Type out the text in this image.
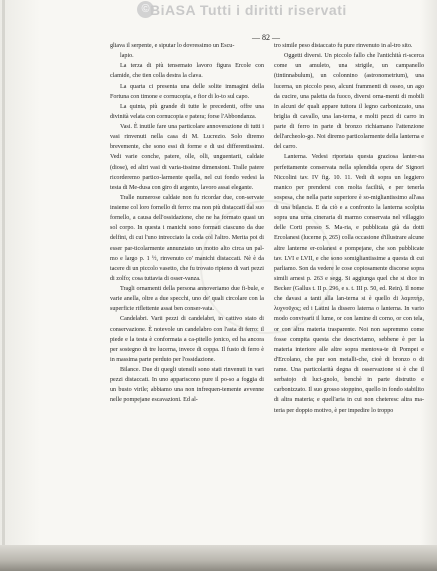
© BiASA Tutti i diritti riservati
— 82 —

gliava il serpente, e siputar lo dovressimo un Escu-

lapio.

La terza di più tensemato lavoro figura Ercole con clamide, che tien colla destra la clava.

La quarta ci presenta una delle solite immagini della Fortuna con timone e cornucopia, e fior di lo-to sul capo.

La quinta, più grande di tutte le precedenti, offre una divinità velata con cornucopia e patera; forse l'Abbondanza.

Vasi. È inutile fare una particolare annoverazione di tutti i vasi rinvenuti nella casa di M. Lucrezio. Solo diremo brevemente, che sono essi di forme e di usi differentissimi. Vedi varie conche, patere, olle, olli, unguentarii, caldaie (diose), ed altri vasi di varia-tissime dimensioni. Tralle patere ricorderemo partico-larmente quella, nel cui fondo vedesi la testa di Me-dusa con giro di argento, lavoro assai elegante.

Tralle numerose caldaie non fu ricordar due, con-servate insieme col loro fornello di ferro: ma non più distaccati dal suo fornello, a causa dell'ossidazione, che ne ha formato quasi un sol corpo. In questa i manichi sono formati ciascuno da due delfini, di cui l'uno intrecciato la coda col l'altro. Merita poi di esser par-ticolarmente annunziato un motto alto circa un pal-mo e largo p. 1 ½, rinvenuto co' manichi distaccati. Nè è da tacere di un piccolo vasetto, che fu trovato ripieno di vari pezzi di zolfo; cosa tuttavia di osser-vanza.

Tragli ornamenti della persona annoveriamo due fi-bule, e varie anella, oltre a due specchi, uno de' quali circolare con la superficie riflettente assai ben conser-vata.

Candelabri. Varii pezzi di candelabri, in cattivo stato di conservazione. È notevole un candelabro con l'asta di ferro: il piede e la testa è conformata a ca-pitello jonico, ed ha ancora per sostegno di tre lucerna, invece di coppa. Il fusto di ferro è in massima parte perduto per l'ossidazione.

Bilance. Due di quegli utensili sono stati rinvenuti in vari pezzi distaccati. In uno appariscono pure il po-so a foggia di un busto virile; abbiamo una non infrequen-temente avvenne nelle pompejane escavazioni. Ed al-

tro simile peso distaccato fu pure rinvenuto in al-tro sito.

Oggetti diversi. Un piccolo fallo che l'antichità ri-scerca come un amuleto, una strigile, un campanello (tintinnabulum), un colonnino (astronometrium), una lucerna, un piccolo peso, alcuni frammenti di osseo, un ago da cucire, una paletta da fuoco, diversi orna-menti di mobili in alcuni de' quali appare tuttora il legno carbonizzato, una briglia di cavallo, una lan-terna, e molti pezzi di carro in parte di ferro in parte di bronzo richiamano l'attenzione dell'archeolo-go. Noi diremo particolarmente della lanterna e del carro.

Lanterna. Vedesi riportata questa graziosa lanter-na perfettamente conservata nella splendida opera de' Signori Niccolini tav. IV fig. 10. 11. Vedi di sopra un leggiero manico per prendersi con molta facilità, e per tenerla sospesa, che nella parte superiore è so-migliantissimo all'asa di una bilancia. E da ciò e a confronto la lanterna scolpita sopra una urna cineraria di marmo conservata nel villaggio delle Corti presso S. Ma-ria, e pubblicata già da dotti Ercolanesi (lucerne p. 265) colla occasione d'illustrare alcune altre lanterne er-colanesi e pompejane, che son pubblicate tav. LVI e LVII, e che sono somigliantissime a questa di cui parliamo. Son da vedere le cose copiosamente discorse sopra simili arnesi p. 263 e segg. Si aggiunga quel che si dice in Becker (Gallus t. II p. 296, e s. t. III p. 50, ed. Rein). Il nome che davasi a tanti alla lan-terna si è quello di λαμπτήρ, λυχνοῦχος; ed i Latini la dissero laterna o lanterna. In vario modo convivarii il lume, or con lamine di corno, or con tela, or con altra materia trasparente. Noi non sapremmo come fosse compita questa che descriviamo, sebbene è per la materia interiore alle altre sopra mentova-te di Pompei e d'Ercolano, che pur son metalli-che, cioè di bronzo o di rame. Una particolarità degna di osservazione si è che il serbatojo di luci-gnolo, benchè in parte distrutto e carbonizzato. Il suo grosso stoppino, quello in fondo stabilito di altra materia; e quell'aria in cui non cheteresc altra ma-teria per doppio motivo, è per impedire lo troppo
